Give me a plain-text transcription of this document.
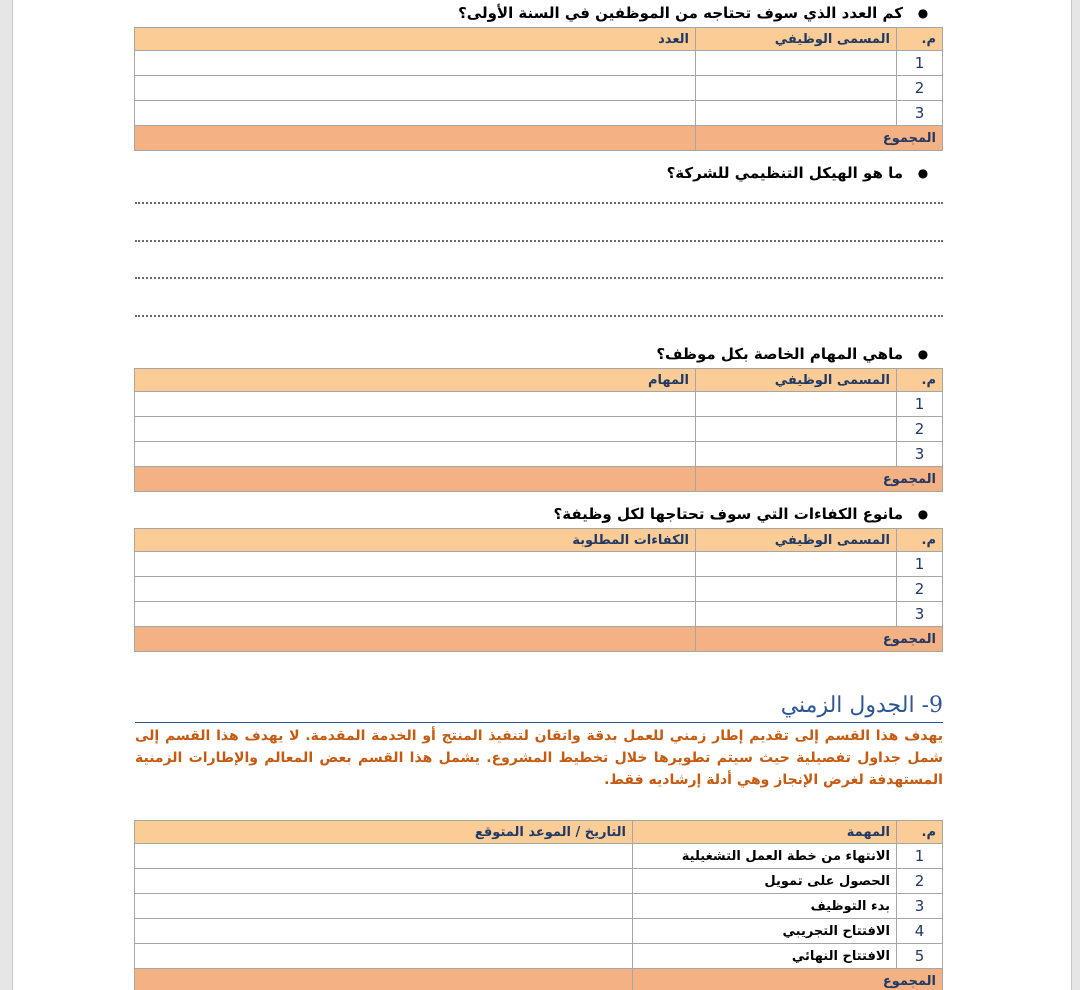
●
كم العدد الذي سوف تحتاجه من الموظفين في السنة الأولى؟
م.	المسمى الوظيفي	العدد
1		
2		
3		
المجموع		
●
ما هو الهيكل التنظيمي للشركة؟
●
ماهي المهام الخاصة بكل موظف؟
م.	المسمى الوظيفي	المهام
1		
2		
3		
المجموع		
●
مانوع الكفاءات التي سوف تحتاجها لكل وظيفة؟
م.	المسمى الوظيفي	الكفاءات المطلوبة
1		
2		
3		
المجموع		
9- الجدول الزمني
يهدف هذا القسم إلى تقديم إطار زمني للعمل بدقة واتقان لتنفيذ المنتج أو الخدمة المقدمة. لا يهدف هذا القسم إلى شمل جداول تفصيلية حيث سيتم تطويرها خلال تخطيط المشروع. يشمل هذا القسم بعض المعالم والإطارات الزمنية المستهدفة لغرض الإنجاز وهي أدلة إرشاديه فقط.
م.	المهمة	التاريخ / الموعد المتوقع
1	الانتهاء من خطة العمل التشغيلية	
2	الحصول على تمويل	
3	بدء التوظيف	
4	الافتتاح التجريبي	
5	الافتتاح النهائي	
المجموع		
